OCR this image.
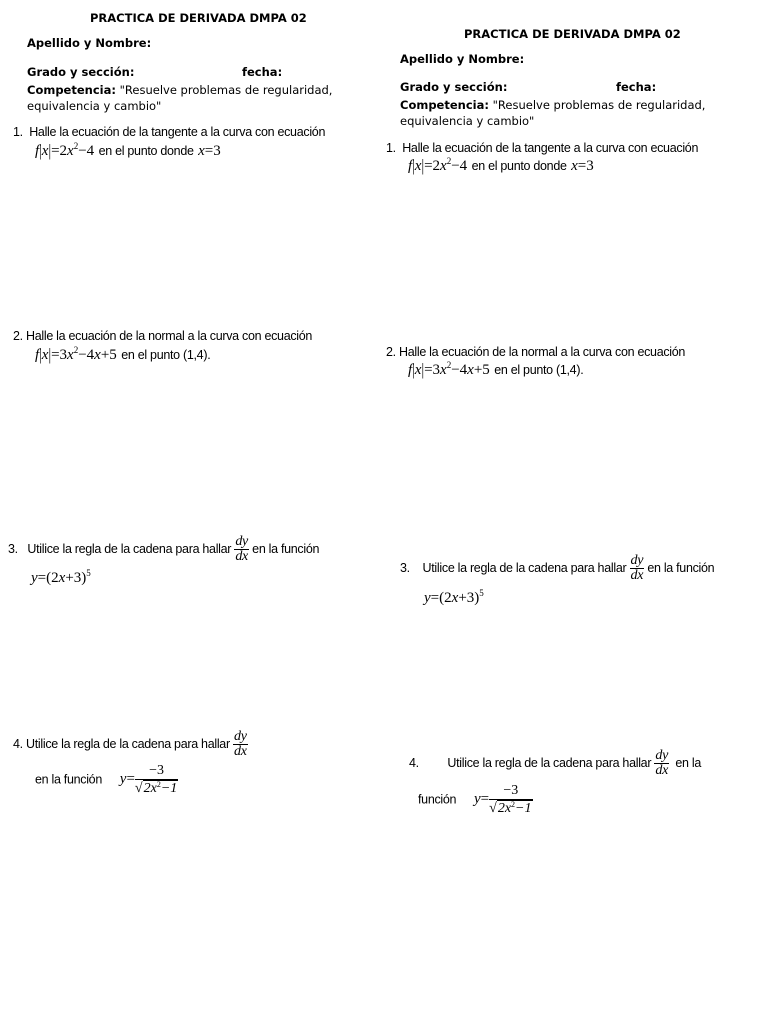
PRACTICA DE DERIVADA DMPA 02
Apellido y Nombre:
Grado y sección:	fecha:
Competencia: "Resuelve problemas de regularidad, equivalencia y cambio"
1. Halle la ecuación de la tangente a la curva con ecuación
$f|x|=2x^2-4$ en el punto donde x=3
2. Halle la ecuación de la normal a la curva con ecuación
$f|x|=3x^2-4x+5$ en el punto (1,4).
3. Utilice la regla de la cadena para hallar $\frac{dy}{dx}$ en la función
$y=(2x+3)^5$
4. Utilice la regla de la cadena para hallar $\frac{dy}{dx}$
en la función $y= \frac{-3}{√2x^2-1}$
PRACTICA DE DERIVADA DMPA 02
Apellido y Nombre:
Grado y sección:	fecha:
Competencia: "Resuelve problemas de regularidad, equivalencia y cambio"
1. Halle la ecuación de la tangente a la curva con ecuación
$f|x|=2x^2-4$ en el punto donde x=3
2. Halle la ecuación de la normal a la curva con ecuación
$f|x|=3x^2-4x+5$ en el punto (1,4).
3. Utilice la regla de la cadena para hallar $\frac{dy}{dx}$ en la función
$y=(2x+3)^5$
4. Utilice la regla de la cadena para hallar $\frac{dy}{dx}$ en la
función $y= \frac{-3}{√2x^2-1}$
